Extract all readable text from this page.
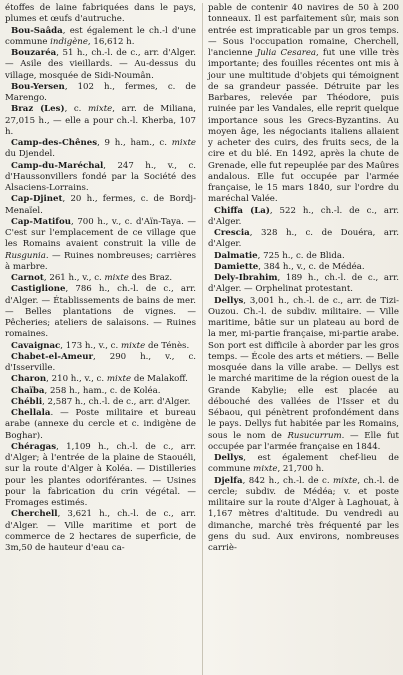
étoffes de laine fabriquées dans le pays, plumes et œufs d'autruche.

Bou-Saâda, est également le ch.-l d'une commune indigène, 16,612 h.

Bouzaréa, 51 h., ch.-l. de c., arr. d'Alger. — Asile des vieillards. — Au-dessus du village, mosquée de Sidi-Noumân.

Bou-Yersen, 102 h., fermes, c. de Marengo.

Braz (Les), c. mixte, arr. de Miliana, 27,015 h., — elle a pour ch.-l. Kherba, 107 h.

Camp-des-Chênes, 9 h., ham., c. mixte du Djendel.

Camp-du-Maréchal, 247 h., v., c. d'Haussonvillers fondé par la Société des Alsaciens-Lorrains.

Cap-Djinet, 20 h., fermes, c. de Bordj-Menaïel.

Cap-Matifou, 700 h., v., c. d'Aïn-Taya. — C'est sur l'emplacement de ce village que les Romains avaient construit la ville de Rusgunia. — Ruines nombreuses; carrières à marbre.

Carnot, 261 h., v., c. mixte des Braz.

Castiglione, 786 h., ch.-l. de c., arr. d'Alger. — Établissements de bains de mer. — Belles plantations de vignes. — Pêcheries; ateliers de salaisons. — Ruines romaines.

Cavaignac, 173 h., v., c. mixte de Ténès.

Chabet-el-Ameur, 290 h., v., c. d'Isserville.

Charon, 210 h., v., c. mixte de Malakoff.

Chaïba, 258 h., ham., c. de Koléa.

Chébli, 2,587 h., ch.-l. de c., arr. d'Alger.

Chellala. — Poste militaire et bureau arabe (annexe du cercle et c. indigène de Boghar).

Chéragas, 1,109 h., ch.-l. de c., arr. d'Alger; à l'entrée de la plaine de Staouéli, sur la route d'Alger à Koléa. — Distilleries pour les plantes odoriférantes. — Usines pour la fabrication du crin végétal. — Fromages estimés.

Cherchell, 3,621 h., ch.-l. de c., arr. d'Alger. — Ville maritime et port de commerce de 2 hectares de superficie, de 3m,50 de hauteur d'eau ca-

pable de contenir 40 navires de 50 à 200 tonneaux. Il est parfaitement sûr, mais son entrée est impraticable par un gros temps. — Sous l'occupation romaine, Cherchell, l'ancienne Julia Cesarea, fut une ville très importante; des fouilles récentes ont mis à jour une multitude d'objets qui témoignent de sa grandeur passée. Détruite par les Barbares, relevée par Théodore, puis ruinée par les Vandales, elle reprit quelque importance sous les Grecs-Byzantins. Au moyen âge, les négociants italiens allaient y acheter des cuirs, des fruits secs, de la cire et du blé. En 1492, après la chute de Grenade, elle fut repeuplée par des Maûres andalous. Elle fut occupée par l'armée française, le 15 mars 1840, sur l'ordre du maréchal Valée.

Chiffa (La), 522 h., ch.-l. de c., arr. d'Alger.

Crescia, 328 h., c. de Douéra, arr. d'Alger.

Dalmatie, 725 h., c. de Blida.

Damiette, 384 h., v., c. de Médéa.

Dely-Ibrahim, 189 h., ch.-l. de c., arr. d'Alger. — Orphelinat protestant.

Dellys, 3,001 h., ch.-l. de c., arr. de Tizi-Ouzou. Ch.-l. de subdiv. militaire. — Ville maritime, bâtie sur un plateau au bord de la mer, mi-partie française, mi-partie arabe. Son port est difficile à aborder par les gros temps. — École des arts et métiers. — Belle mosquée dans la ville arabe. — Dellys est le marché maritime de la région ouest de la Grande Kabylie; elle est placée au débouché des vallées de l'Isser et du Sébaou, qui pénètrent profondément dans le pays. Dellys fut habitée par les Romains, sous le nom de Rusucurrum. — Elle fut occupée par l'armée française en 1844.

Dellys, est également chef-lieu de commune mixte, 21,700 h.

Djelfa, 842 h., ch.-l. de c. mixte, ch.-l. de cercle; subdiv. de Médéa; v. et poste militaire sur la route d'Alger à Laghouat, à 1,167 mètres d'altitude. Du vendredi au dimanche, marché très fréquenté par les gens du sud. Aux environs, nombreuses carriè-
